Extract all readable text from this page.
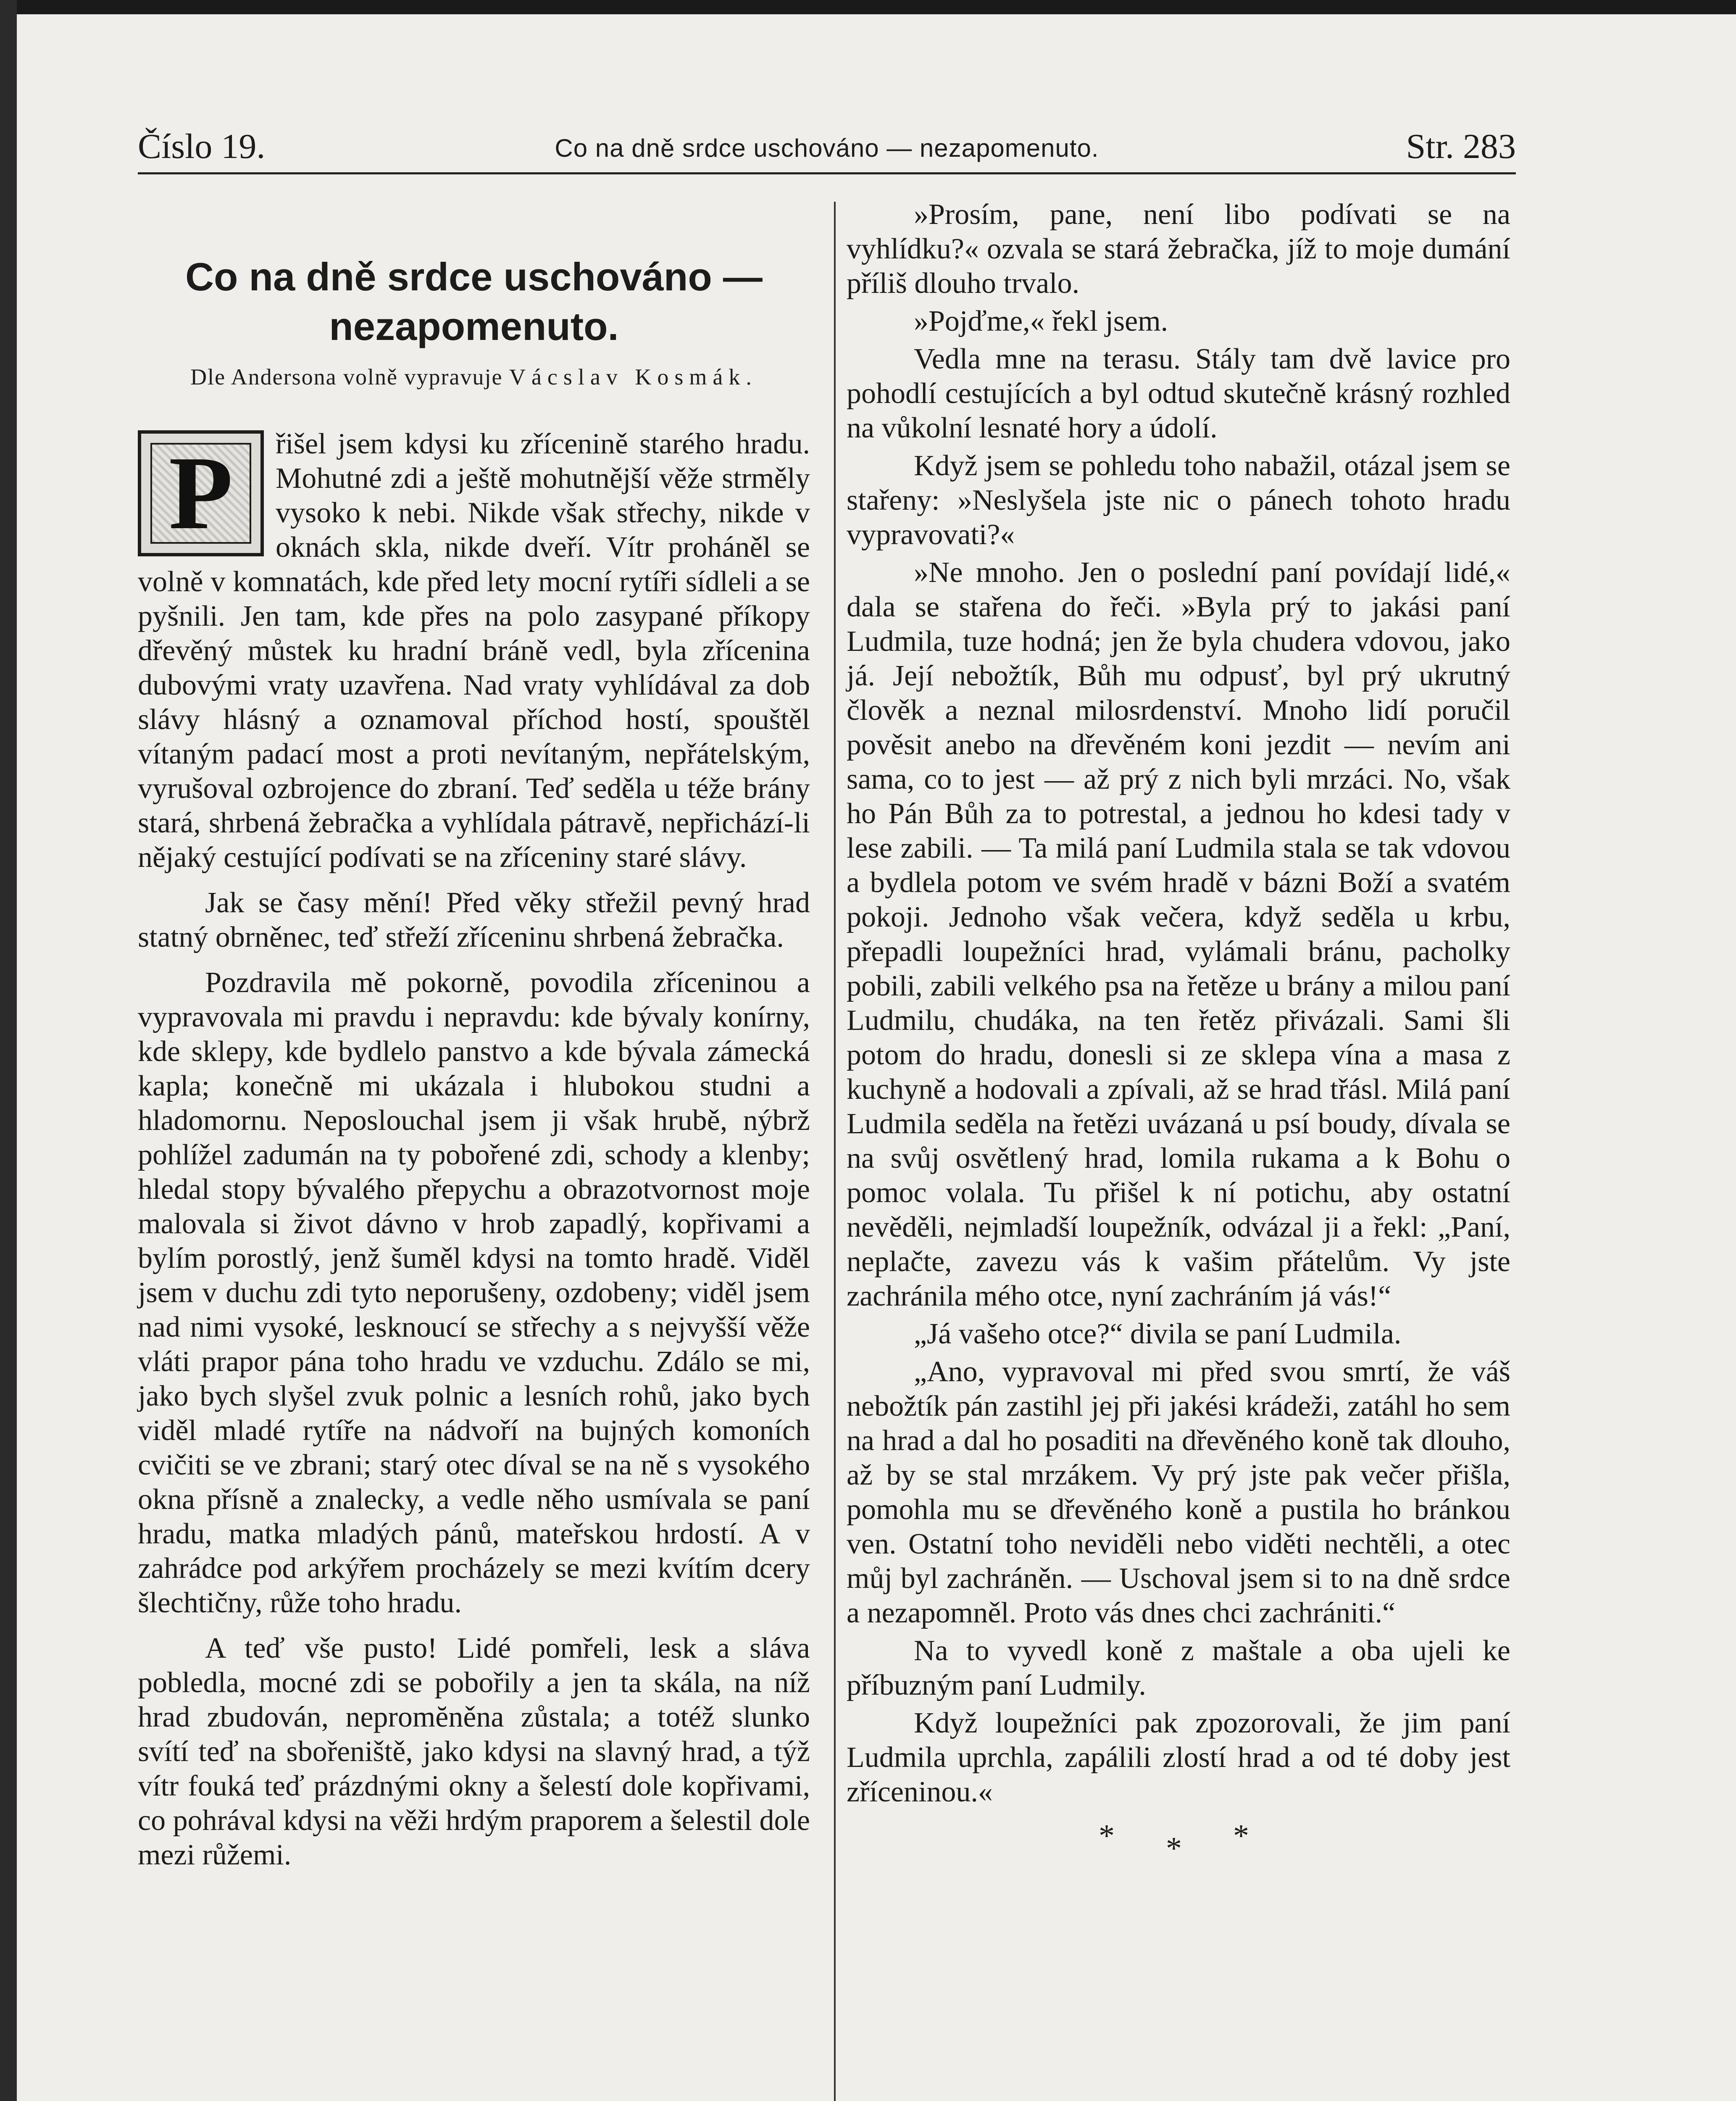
Číslo 19.	Co na dně srdce uschováno — nezapomenuto.	Str. 283
Co na dně srdce uschováno —
nezapomenuto.
Dle Andersona volně vypravuje Vácslav Kosmák.

P	řišel jsem kdysi ku zřícenině starého hradu. Mohutné zdi a ještě mohutnější věže strměly vysoko k nebi. Nikde však střechy, nikde v oknách skla, nikde dveří. Vítr proháněl se volně v komnatách, kde před lety mocní rytíři sídleli a se pyšnili. Jen tam, kde přes na polo zasypané příkopy dřevěný můstek ku hradní bráně vedl, byla zřícenina dubovými vraty uzavřena. Nad vraty vyhlídával za dob slávy hlásný a oznamoval příchod hostí, spouštěl vítaným padací most a proti nevítaným, nepřátelským, vyrušoval ozbrojence do zbraní. Teď seděla u téže brány stará, shrbená žebračka a vyhlídala pátravě, nepřichází-li nějaký cestující podívati se na zříceniny staré slávy.

Jak se časy mění! Před věky střežil pevný hrad statný obrněnec, teď střeží zříceninu shrbená žebračka.

Pozdravila mě pokorně, povodila zříceninou a vypravovala mi pravdu i nepravdu: kde bývaly konírny, kde sklepy, kde bydlelo panstvo a kde bývala zámecká kapla; konečně mi ukázala i hlubokou studni a hladomornu. Neposlouchal jsem ji však hrubě, nýbrž pohlížel zadumán na ty pobořené zdi, schody a klenby; hledal stopy bývalého přepychu a obrazotvornost moje malovala si život dávno v hrob zapadlý, kopřivami a bylím porostlý, jenž šuměl kdysi na tomto hradě. Viděl jsem v duchu zdi tyto neporušeny, ozdobeny; viděl jsem nad nimi vysoké, lesknoucí se střechy a s nejvyšší věže vláti prapor pána toho hradu ve vzduchu. Zdálo se mi, jako bych slyšel zvuk polnic a lesních rohů, jako bych viděl mladé rytíře na nádvoří na bujných komoních cvičiti se ve zbrani; starý otec díval se na ně s vysokého okna přísně a znalecky, a vedle něho usmívala se paní hradu, matka mladých pánů, mateřskou hrdostí. A v zahrádce pod arkýřem procházely se mezi kvítím dcery šlechtičny, růže toho hradu.

A teď vše pusto! Lidé pomřeli, lesk a sláva pobledla, mocné zdi se pobořily a jen ta skála, na níž hrad zbudován, nepromĕněna zůstala; a totéž slunko svítí teď na sbořeniště, jako kdysi na slavný hrad, a týž vítr fouká teď prázdnými okny a šelestí dole kopřivami, co pohrával kdysi na věži hrdým praporem a šelestil dole mezi růžemi.

»Prosím, pane, není libo podívati se na vyhlídku?« ozvala se stará žebračka, jíž to moje dumání příliš dlouho trvalo.

»Pojďme,« řekl jsem.

Vedla mne na terasu. Stály tam dvě lavice pro pohodlí cestujících a byl odtud skutečně krásný rozhled na vůkolní lesnaté hory a údolí.

Když jsem se pohledu toho nabažil, otázal jsem se stařeny: »Neslyšela jste nic o pánech tohoto hradu vypravovati?«

»Ne mnoho. Jen o poslední paní povídají lidé,« dala se stařena do řeči. »Byla prý to jakási paní Ludmila, tuze hodná; jen že byla chudera vdovou, jako já. Její nebožtík, Bůh mu odpusť, byl prý ukrutný člověk a neznal milosrdenství. Mnoho lidí poručil pověsit anebo na dřevěném koni jezdit — nevím ani sama, co to jest — až prý z nich byli mrzáci. No, však ho Pán Bůh za to potrestal, a jednou ho kdesi tady v lese zabili. — Ta milá paní Ludmila stala se tak vdovou a bydlela potom ve svém hradě v bázni Boží a svatém pokoji. Jednoho však večera, když seděla u krbu, přepadli loupežníci hrad, vylámali bránu, pacholky pobili, zabili velkého psa na řetěze u brány a milou paní Ludmilu, chudáka, na ten řetěz přivázali. Sami šli potom do hradu, donesli si ze sklepa vína a masa z kuchyně a hodovali a zpívali, až se hrad třásl. Milá paní Ludmila seděla na řetězi uvázaná u psí boudy, dívala se na svůj osvětlený hrad, lomila rukama a k Bohu o pomoc volala. Tu přišel k ní potichu, aby ostatní nevěděli, nejmladší loupežník, odvázal ji a řekl: „Paní, neplačte, zavezu vás k vašim přátelům. Vy jste zachránila mého otce, nyní zachráním já vás!“

„Já vašeho otce?“ divila se paní Ludmila.

„Ano, vypravoval mi před svou smrtí, že váš nebožtík pán zastihl jej při jakési krádeži, zatáhl ho sem na hrad a dal ho posaditi na dřevěného koně tak dlouho, až by se stal mrzákem. Vy prý jste pak večer přišla, pomohla mu se dřevěného koně a pustila ho bránkou ven. Ostatní toho neviděli nebo viděti nechtěli, a otec můj byl zachráněn. — Uschoval jsem si to na dně srdce a nezapomněl. Proto vás dnes chci zachrániti.“

Na to vyvedl koně z maštale a oba ujeli ke příbuzným paní Ludmily.

Když loupežníci pak zpozorovali, že jim paní Ludmila uprchla, zapálili zlostí hrad a od té doby jest zříceninou.«

* * *
